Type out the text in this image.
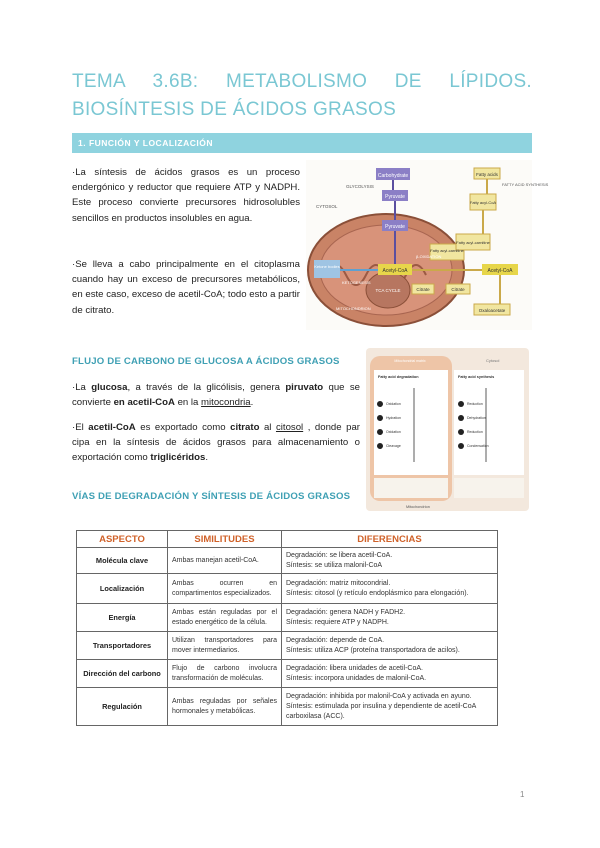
TEMA 3.6B: METABOLISMO DE LÍPIDOS. BIOSÍNTESIS DE ÁCIDOS GRASOS
1. FUNCIÓN Y LOCALIZACIÓN
·La síntesis de ácidos grasos es un proceso endergónico y reductor que requiere ATP y NADPH. Este proceso convierte precursores hidrosolubles sencillos en productos insolubles en agua.
·Se lleva a cabo principalmente en el citoplasma cuando hay un exceso de precursores metabólicos, en este caso, exceso de acetil-CoA; todo esto a partir de citrato.
Carbohydrate
GLYCOLYSIS
Pyruvate
CYTOSOL
Pyruvate
Ketone bodies
KETOGENESIS
Acetyl-CoA
β-OXIDATION
Fatty acyl-carnitine
TCA CYCLE	Citrate	Citrate
MITOCHONDRION
Fatty acids
Fatty acyl-CoA
FATTY ACID SYNTHESIS
Fatty acyl-carnitine
Acetyl-CoA
Oxaloacetate
FLUJO DE CARBONO DE GLUCOSA A ÁCIDOS GRASOS
·La glucosa, a través de la glicólisis, genera piruvato que se convierte en acetil-CoA en la mitocondria.
·El acetil-CoA es exportado como citrato al citosol , donde par cipa en la síntesis de ácidos grasos para almacenamiento o exportación como triglicéridos.
Cytosol
Mitochondrial matrix
Fatty acid degradation	Fatty acid synthesis
Oxidation
Hydration
Oxidation
Cleavage
Reduction
Dehydration
Reduction
Condensation
Mitochondrion
VÍAS DE DEGRADACIÓN Y SÍNTESIS DE ÁCIDOS GRASOS
ASPECTO	SIMILITUDES	DIFERENCIAS
Molécula clave	Ambas manejan acetil-CoA.	Degradación: se libera acetil-CoA.
Síntesis: se utiliza malonil-CoA

Localización	Ambas ocurren en compartimentos especializados.	Degradación: matriz mitocondrial.
Síntesis: citosol (y retículo endoplásmico para elongación).

Energía	Ambas están reguladas por el estado energético de la célula.	Degradación: genera NADH y FADH2.
Síntesis: requiere ATP y NADPH.

Transportadores	Utilizan transportadores para mover intermediarios.	Degradación: depende de CoA.
Síntesis: utiliza ACP (proteína transportadora de acilos).

Dirección del carbono	Flujo de carbono involucra transformación de moléculas.	Degradación: libera unidades de acetil-CoA.
Síntesis: incorpora unidades de malonil-CoA.

Regulación	Ambas reguladas por señales hormonales y metabólicas.	Degradación: inhibida por malonil-CoA y activada en ayuno.
Síntesis: estimulada por insulina y dependiente de acetil-CoA carboxilasa (ACC).
1
